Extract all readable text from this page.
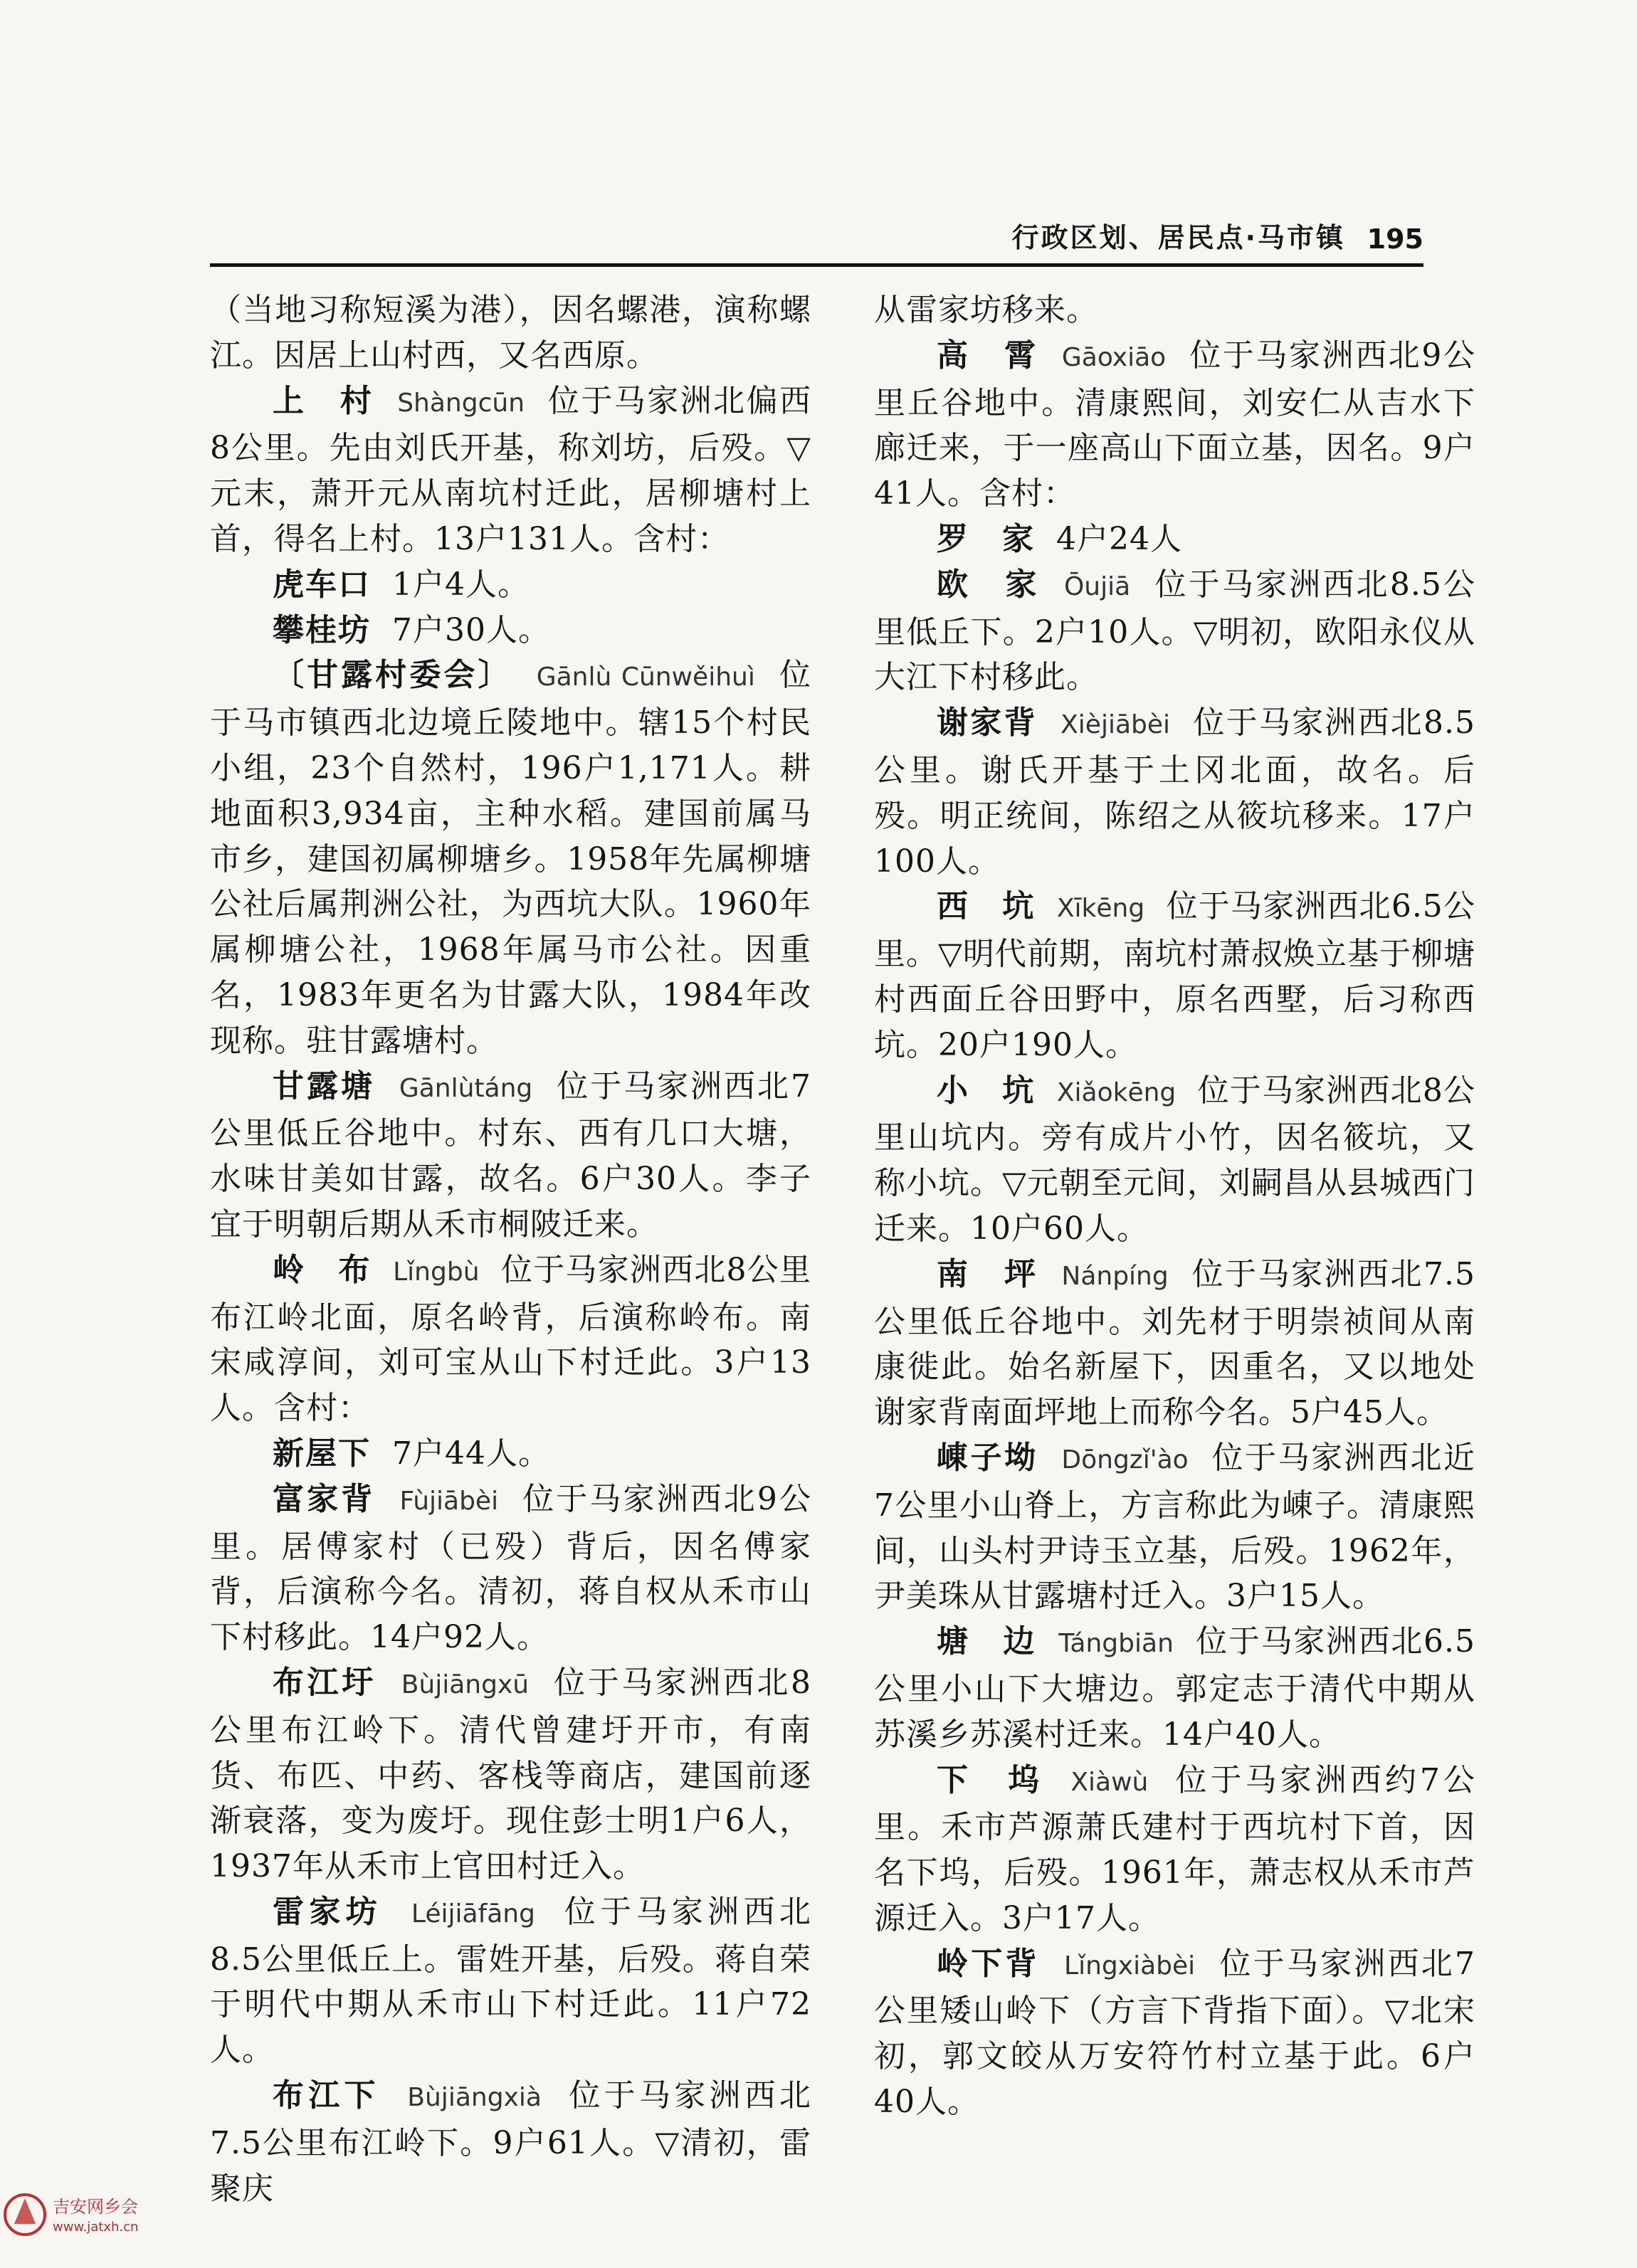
行政区划、居民点·马市镇 195

（当地习称短溪为港），因名螺港，演称螺江。因居上山村西，又名西原。

上　村 Shàngcūn 位于马家洲北偏西8公里。先由刘氏开基，称刘坊，后殁。▽元末，萧开元从南坑村迁此，居柳塘村上首，得名上村。13户131人。含村：

虎车口 1户4人。

攀桂坊 7户30人。

〔甘露村委会〕 Gānlù Cūnwěihuì 位于马市镇西北边境丘陵地中。辖15个村民小组，23个自然村，196户1,171人。耕地面积3,934亩，主种水稻。建国前属马市乡，建国初属柳塘乡。1958年先属柳塘公社后属荆洲公社，为西坑大队。1960年属柳塘公社，1968年属马市公社。因重名，1983年更名为甘露大队，1984年改现称。驻甘露塘村。

甘露塘 Gānlùtáng 位于马家洲西北7公里低丘谷地中。村东、西有几口大塘，水味甘美如甘露，故名。6户30人。李子宜于明朝后期从禾市桐陂迁来。

岭　布 Lǐngbù 位于马家洲西北8公里布江岭北面，原名岭背，后演称岭布。南宋咸淳间，刘可宝从山下村迁此。3户13人。含村：

新屋下 7户44人。

富家背 Fùjiābèi 位于马家洲西北9公里。居傅家村（已殁）背后，因名傅家背，后演称今名。清初，蒋自权从禾市山下村移此。14户92人。

布江圩 Bùjiāngxū 位于马家洲西北8公里布江岭下。清代曾建圩开市，有南货、布匹、中药、客栈等商店，建国前逐渐衰落，变为废圩。现住彭士明1户6人，1937年从禾市上官田村迁入。

雷家坊 Léijiāfāng 位于马家洲西北8.5公里低丘上。雷姓开基，后殁。蒋自荣于明代中期从禾市山下村迁此。11户72人。

布江下 Bùjiāngxià 位于马家洲西北7.5公里布江岭下。9户61人。▽清初，雷聚庆

从雷家坊移来。

高　霄 Gāoxiāo 位于马家洲西北9公里丘谷地中。清康熙间，刘安仁从吉水下廊迁来，于一座高山下面立基，因名。9户41人。含村：

罗　家 4户24人

欧　家 Ōujiā 位于马家洲西北8.5公里低丘下。2户10人。▽明初，欧阳永仪从大江下村移此。

谢家背 Xièjiābèi 位于马家洲西北8.5公里。谢氏开基于土冈北面，故名。后殁。明正统间，陈绍之从筱坑移来。17户100人。

西　坑 Xīkēng 位于马家洲西北6.5公里。▽明代前期，南坑村萧叔焕立基于柳塘村西面丘谷田野中，原名西墅，后习称西坑。20户190人。

小　坑 Xiǎokēng 位于马家洲西北8公里山坑内。旁有成片小竹，因名筱坑，又称小坑。▽元朝至元间，刘嗣昌从县城西门迁来。10户60人。

南　坪 Nánpíng 位于马家洲西北7.5公里低丘谷地中。刘先材于明崇祯间从南康徙此。始名新屋下，因重名，又以地处谢家背南面坪地上而称今名。5户45人。

崠子坳 Dōngzǐ'ào 位于马家洲西北近7公里小山脊上，方言称此为崠子。清康熙间，山头村尹诗玉立基，后殁。1962年，尹美珠从甘露塘村迁入。3户15人。

塘　边 Tángbiān 位于马家洲西北6.5公里小山下大塘边。郭定志于清代中期从苏溪乡苏溪村迁来。14户40人。

下　坞 Xiàwù 位于马家洲西约7公里。禾市芦源萧氏建村于西坑村下首，因名下坞，后殁。1961年，萧志权从禾市芦源迁入。3户17人。

岭下背 Lǐngxiàbèi 位于马家洲西北7公里矮山岭下（方言下背指下面）。▽北宋初，郭文皎从万安符竹村立基于此。6户40人。

吉安网乡会
www.jatxh.cn
